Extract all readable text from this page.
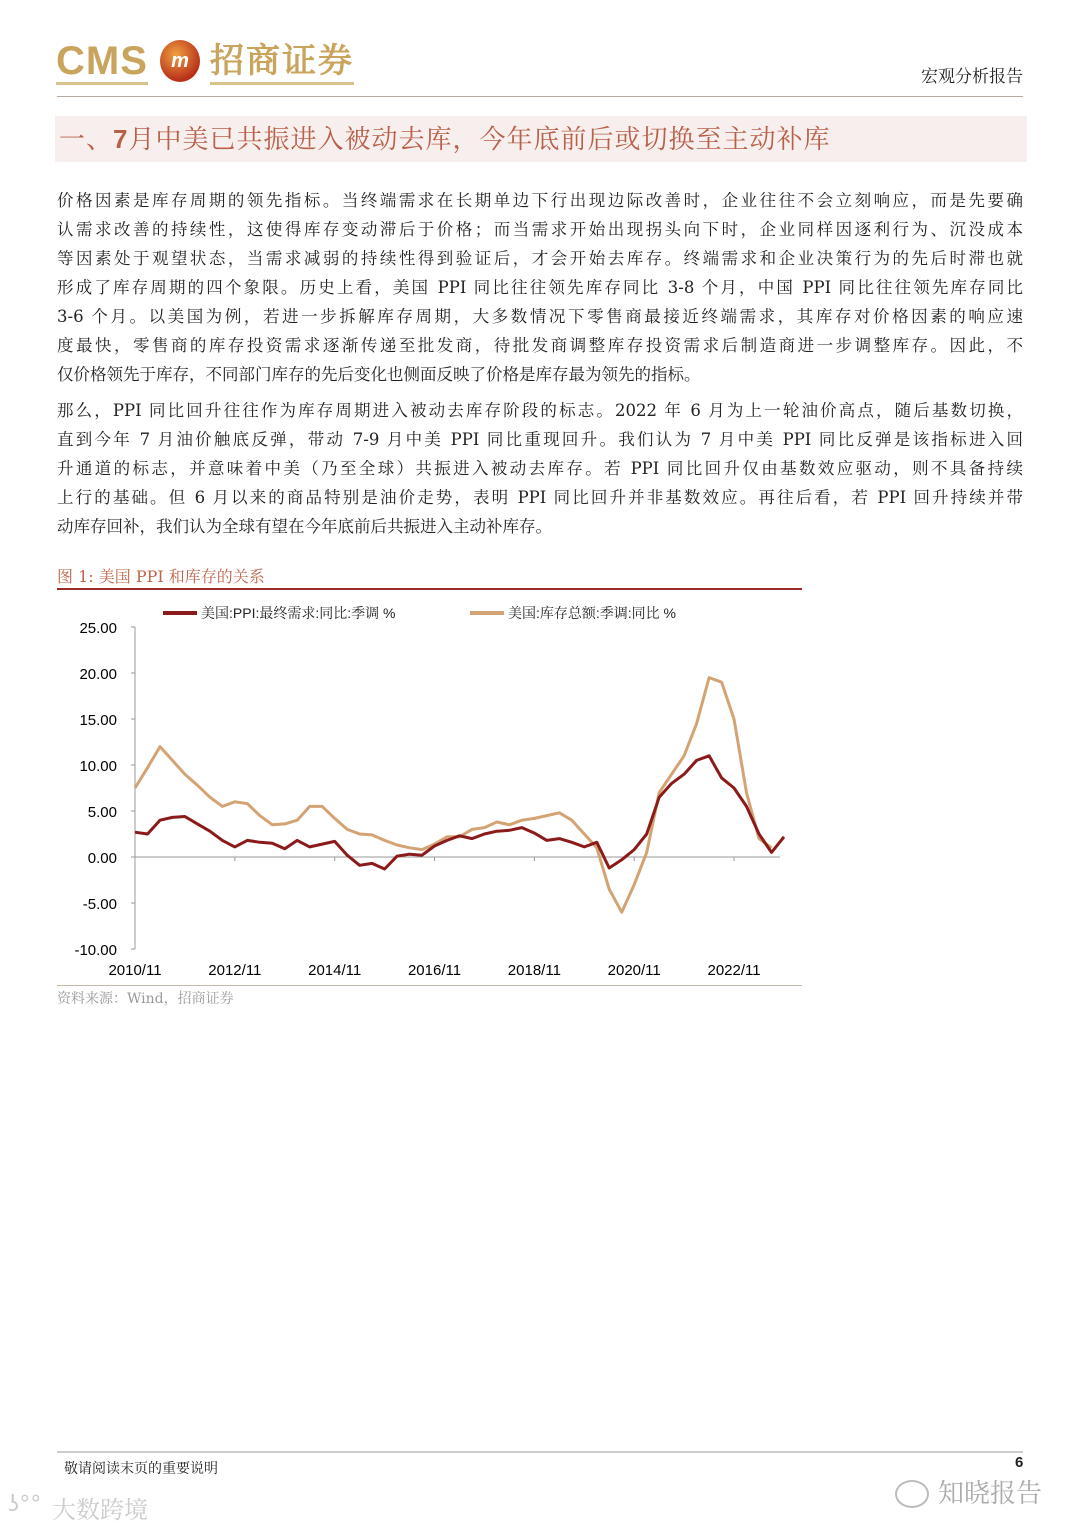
CMS	m 招商证券	宏观分析报告
一、7月中美已共振进入被动去库，今年底前后或切换至主动补库
价格因素是库存周期的领先指标。当终端需求在长期单边下行出现边际改善时，企业往往不会立刻响应，而是先要确
认需求改善的持续性，这使得库存变动滞后于价格；而当需求开始出现拐头向下时，企业同样因逐利行为、沉没成本
等因素处于观望状态，当需求减弱的持续性得到验证后，才会开始去库存。终端需求和企业决策行为的先后时滞也就
形成了库存周期的四个象限。历史上看，美国 PPI 同比往往领先库存同比 3-8 个月，中国 PPI 同比往往领先库存同比
3-6 个月。以美国为例，若进一步拆解库存周期，大多数情况下零售商最接近终端需求，其库存对价格因素的响应速
度最快，零售商的库存投资需求逐渐传递至批发商，待批发商调整库存投资需求后制造商进一步调整库存。因此，不
仅价格领先于库存，不同部门库存的先后变化也侧面反映了价格是库存最为领先的指标。
那么，PPI 同比回升往往作为库存周期进入被动去库存阶段的标志。2022 年 6 月为上一轮油价高点，随后基数切换，
直到今年 7 月油价触底反弹，带动 7-9 月中美 PPI 同比重现回升。我们认为 7 月中美 PPI 同比反弹是该指标进入回
升通道的标志，并意味着中美（乃至全球）共振进入被动去库存。若 PPI 同比回升仅由基数效应驱动，则不具备持续
上行的基础。但 6 月以来的商品特别是油价走势，表明 PPI 同比回升并非基数效应。再往后看，若 PPI 回升持续并带
动库存回补，我们认为全球有望在今年底前后共振进入主动补库存。
图 1: 美国 PPI 和库存的关系
25.00
20.00
15.00
10.00
5.00
0.00
-5.00
-10.00
2010/11	2012/11	2014/11	2016/11	2018/11	2020/11	2022/11
美国:PPI:最终需求:同比:季调 %	美国:库存总额:季调:同比 %
资料来源：Wind，招商证券
敬请阅读末页的重要说明	6
知晓报告
ʖ°° 大数跨境
